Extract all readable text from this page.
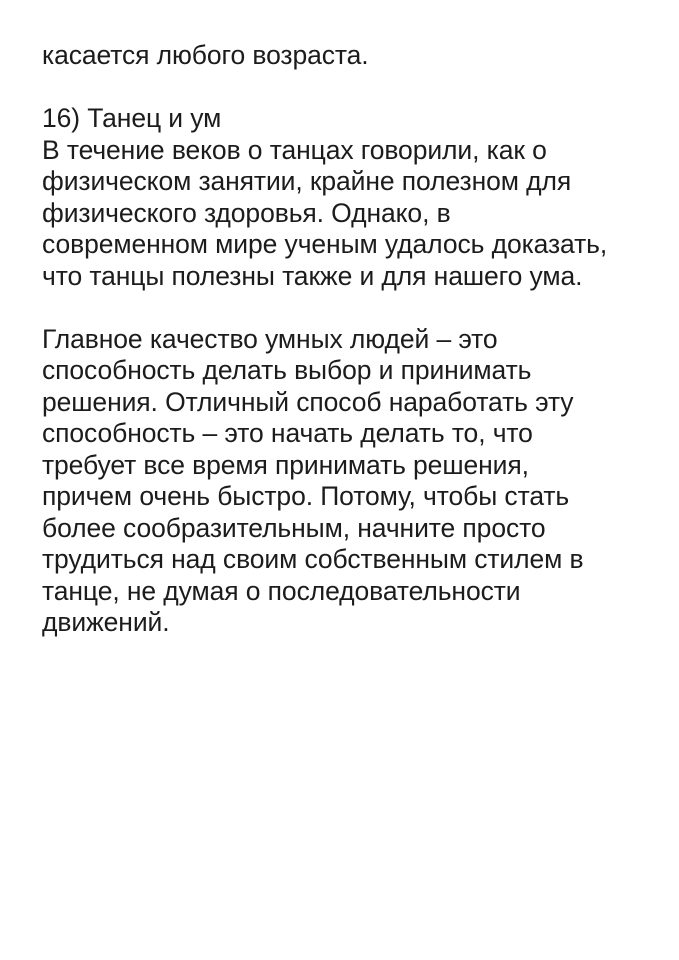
касается любого возраста.
16) Танец и ум
В течение веков о танцах говорили, как о
физическом занятии, крайне полезном для
физического здоровья. Однако, в
современном мире ученым удалось доказать,
что танцы полезны также и для нашего ума.
Главное качество умных людей – это
способность делать выбор и принимать
решения. Отличный способ наработать эту
способность – это начать делать то, что
требует все время принимать решения,
причем очень быстро. Потому, чтобы стать
более сообразительным, начните просто
трудиться над своим собственным стилем в
танце, не думая о последовательности
движений.
